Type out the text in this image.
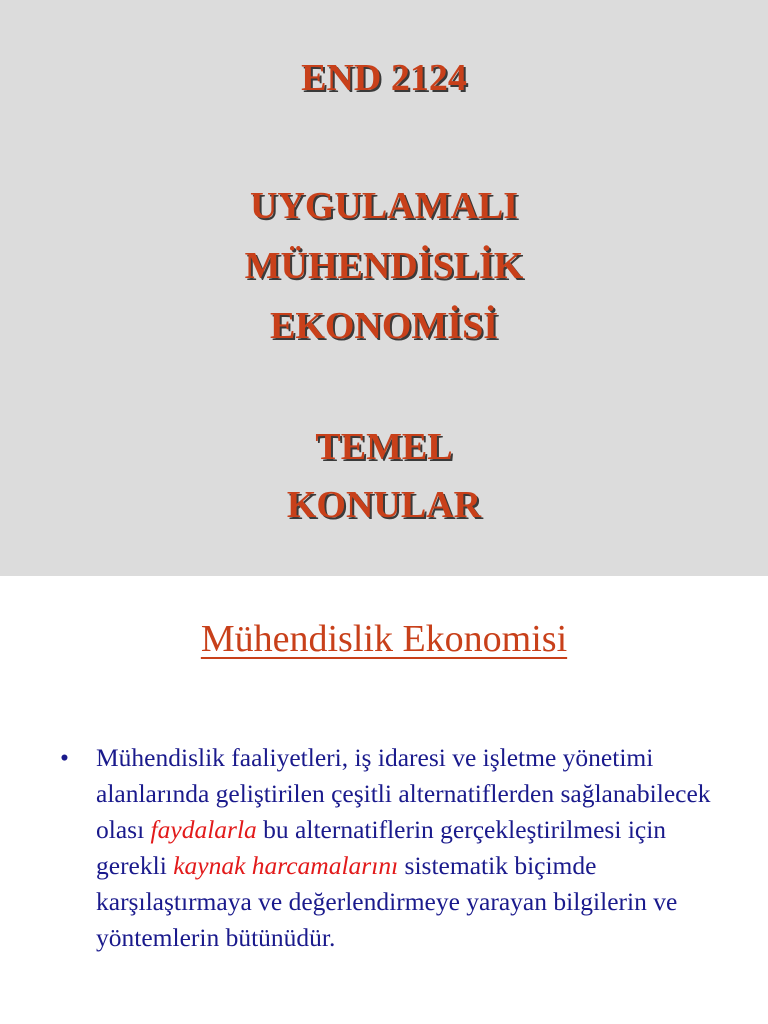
END 2124
UYGULAMALI
MÜHENDİSLİK
EKONOMİSİ
TEMEL
KONULAR
Mühendislik Ekonomisi
• Mühendislik faaliyetleri, iş idaresi ve işletme yönetimi alanlarında geliştirilen çeşitli alternatiflerden sağlanabilecek olası faydalarla bu alternatiflerin gerçekleştirilmesi için gerekli kaynak harcamalarını sistematik biçimde karşılaştırmaya ve değerlendirmeye yarayan bilgilerin ve yöntemlerin bütünüdür.
